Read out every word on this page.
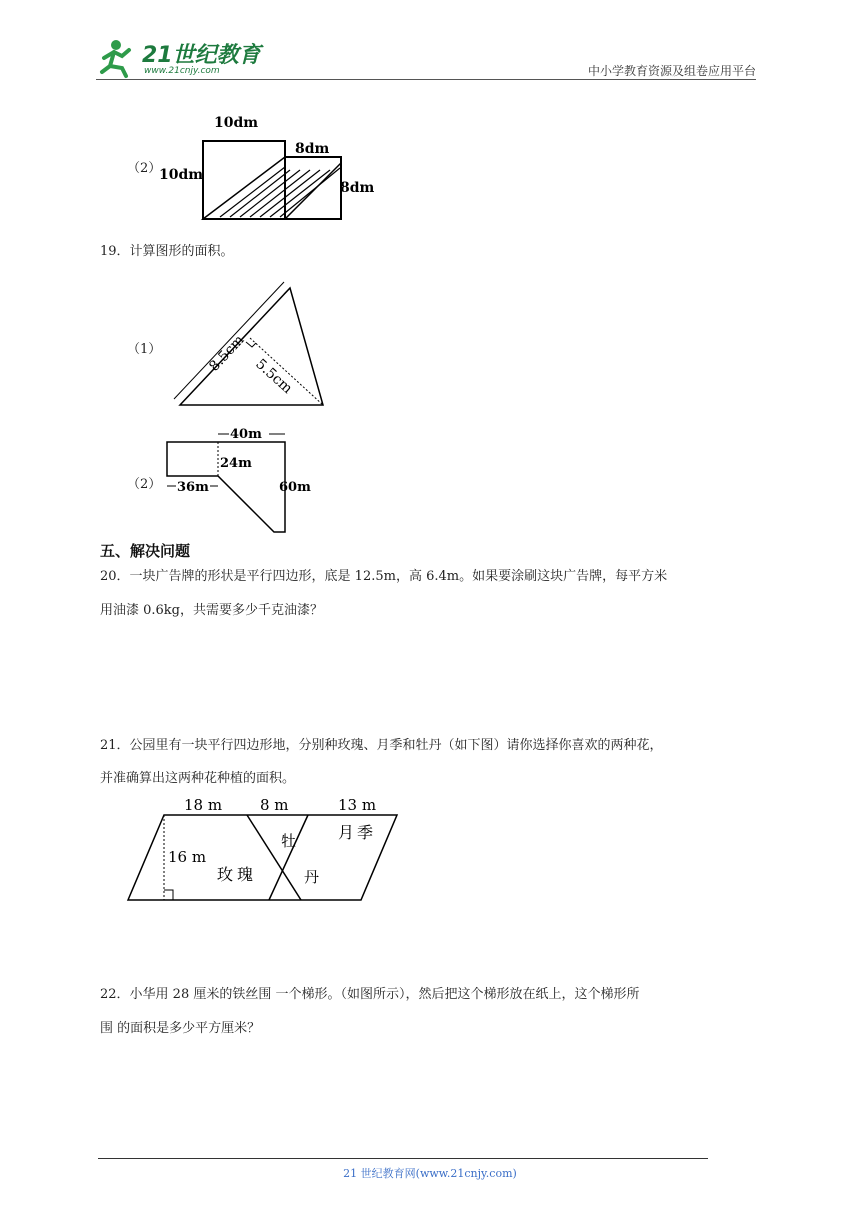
21世纪教育
www.21cnjy.com	中小学教育资源及组卷应用平台
（2）
10dm
10dm
8dm
8dm
19．计算图形的面积。
（1）	8.5cm
5.5cm
（2）
40m
24m
36m	60m
五、解决问题
20．一块广告牌的形状是平行四边形，底是 12.5m，高 6.4m。如果要涂刷这块广告牌，每平方米
用油漆 0.6kg，共需要多少千克油漆？
21．公园里有一块平行四边形地，分别种玫瑰、月季和牡丹（如下图）请你选择你喜欢的两种花，
并准确算出这两种花种植的面积。
18 m	8 m	13 m
16 m
玫瑰
牡
丹
月季
22．小华用 28 厘米的铁丝围 一个梯形。（如图所示），然后把这个梯形放在纸上，这个梯形所
围 的面积是多少平方厘米？
21 世纪教育网(www.21cnjy.com)
